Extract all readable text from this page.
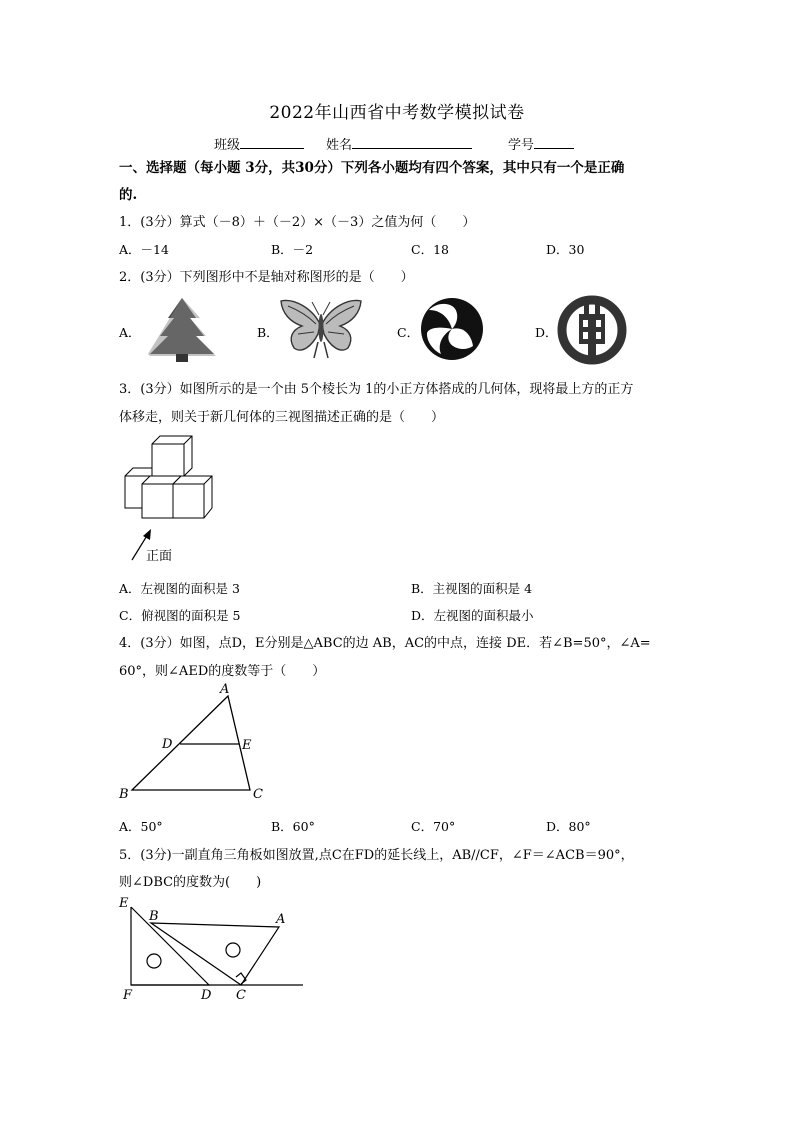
2022年山西省中考数学模拟试卷
班级	姓名	学号
一、选择题（每小题 3分，共30分）下列各小题均有四个答案，其中只有一个是正确
的.
1．(3分）算式（－8）＋（－2）×（－3）之值为何（　　）
A．－14	B．－2	C．18	D．30
2．(3分）下列图形中不是轴对称图形的是（　　）
A．	B．	C．	D．
3．(3分）如图所示的是一个由 5个棱长为 1的小正方体搭成的几何体，现将最上方的正方
体移走，则关于新几何体的三视图描述正确的是（　　）
正面
A．左视图的面积是 3	B．主视图的面积是 4
C．俯视图的面积是 5	D．左视图的面积最小
4．(3分）如图，点D，E分别是△ABC的边 AB，AC的中点，连接 DE．若∠B=50°，∠A=
60°，则∠AED的度数等于（　　）
A
B	C
D	E
A．50°	B．60°	C．70°	D．80°
5．(3分)一副直角三角板如图放置,点C在FD的延长线上，AB//CF，∠F＝∠ACB＝90°，
则∠DBC的度数为(　　)
E
B	A
F	D C
